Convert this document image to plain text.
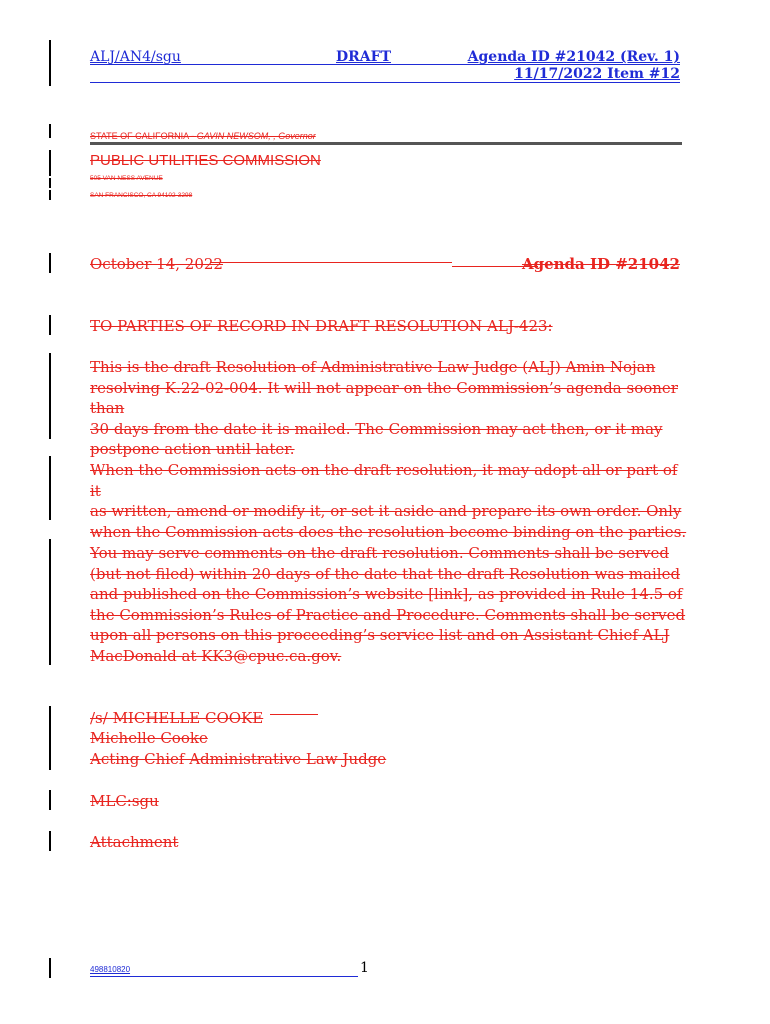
ALJ/AN4/sgu	DRAFT	Agenda ID #21042 (Rev. 1)
11/17/2022 Item #12
STATE OF CALIFORNIA - GAVIN NEWSOM, , Governor
PUBLIC UTILITIES COMMISSION
505 VAN NESS AVENUE
SAN FRANCISCO, CA 94102-3298
October 14, 2022	Agenda ID #21042
TO PARTIES OF RECORD IN DRAFT RESOLUTION ALJ-423:
This is the draft Resolution of Administrative Law Judge (ALJ) Amin Nojan
resolving K.22-02-004. It will not appear on the Commission’s agenda sooner than
30 days from the date it is mailed. The Commission may act then, or it may
postpone action until later.
When the Commission acts on the draft resolution, it may adopt all or part of it
as written, amend or modify it, or set it aside and prepare its own order. Only
when the Commission acts does the resolution become binding on the parties.
You may serve comments on the draft resolution. Comments shall be served
(but not filed) within 20 days of the date that the draft Resolution was mailed
and published on the Commission’s website [link], as provided in Rule 14.5 of
the Commission’s Rules of Practice and Procedure. Comments shall be served
upon all persons on this proceeding’s service list and on Assistant Chief ALJ
MacDonald at KK3@cpuc.ca.gov.
/s/ MICHELLE COOKE
Michelle Cooke
Acting Chief Administrative Law Judge
MLC:sgu
Attachment
498810820	1
